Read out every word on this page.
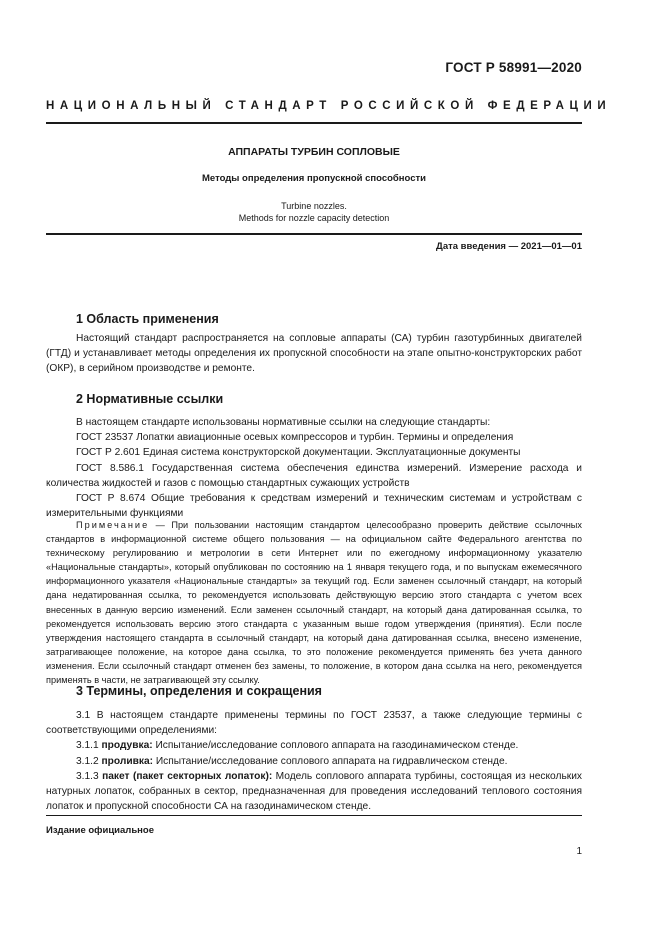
ГОСТ Р 58991—2020
НАЦИОНАЛЬНЫЙ СТАНДАРТ РОССИЙСКОЙ ФЕДЕРАЦИИ
АППАРАТЫ ТУРБИН СОПЛОВЫЕ
Методы определения пропускной способности
Turbine nozzles.
Methods for nozzle capacity detection
Дата введения — 2021—01—01
1 Область применения

Настоящий стандарт распространяется на сопловые аппараты (СА) турбин газотурбинных двигателей (ГТД) и устанавливает методы определения их пропускной способности на этапе опытно-конструкторских работ (ОКР), в серийном производстве и ремонте.

2 Нормативные ссылки

В настоящем стандарте использованы нормативные ссылки на следующие стандарты:

ГОСТ 23537 Лопатки авиационные осевых компрессоров и турбин. Термины и определения

ГОСТ Р 2.601 Единая система конструкторской документации. Эксплуатационные документы

ГОСТ 8.586.1 Государственная система обеспечения единства измерений. Измерение расхода и количества жидкостей и газов с помощью стандартных сужающих устройств

ГОСТ Р 8.674 Общие требования к средствам измерений и техническим системам и устройствам с измерительными функциями

Примечание — При пользовании настоящим стандартом целесообразно проверить действие ссылочных стандартов в информационной системе общего пользования — на официальном сайте Федерального агентства по техническому регулированию и метрологии в сети Интернет или по ежегодному информационному указателю «Национальные стандарты», который опубликован по состоянию на 1 января текущего года, и по выпускам ежемесячного информационного указателя «Национальные стандарты» за текущий год. Если заменен ссылочный стандарт, на который дана недатированная ссылка, то рекомендуется использовать действующую версию этого стандарта с учетом всех внесенных в данную версию изменений. Если заменен ссылочный стандарт, на который дана датированная ссылка, то рекомендуется использовать версию этого стандарта с указанным выше годом утверждения (принятия). Если после утверждения настоящего стандарта в ссылочный стандарт, на который дана датированная ссылка, внесено изменение, затрагивающее положение, на которое дана ссылка, то это положение рекомендуется применять без учета данного изменения. Если ссылочный стандарт отменен без замены, то положение, в котором дана ссылка на него, рекомендуется применять в части, не затрагивающей эту ссылку.

3 Термины, определения и сокращения

3.1 В настоящем стандарте применены термины по ГОСТ 23537, а также следующие термины с соответствующими определениями:

3.1.1 продувка: Испытание/исследование соплового аппарата на газодинамическом стенде.

3.1.2 проливка: Испытание/исследование соплового аппарата на гидравлическом стенде.

3.1.3 пакет (пакет секторных лопаток): Модель соплового аппарата турбины, состоящая из нескольких натурных лопаток, собранных в сектор, предназначенная для проведения исследований теплового состояния лопаток и пропускной способности СА на газодинамическом стенде.

Издание официальное
1
